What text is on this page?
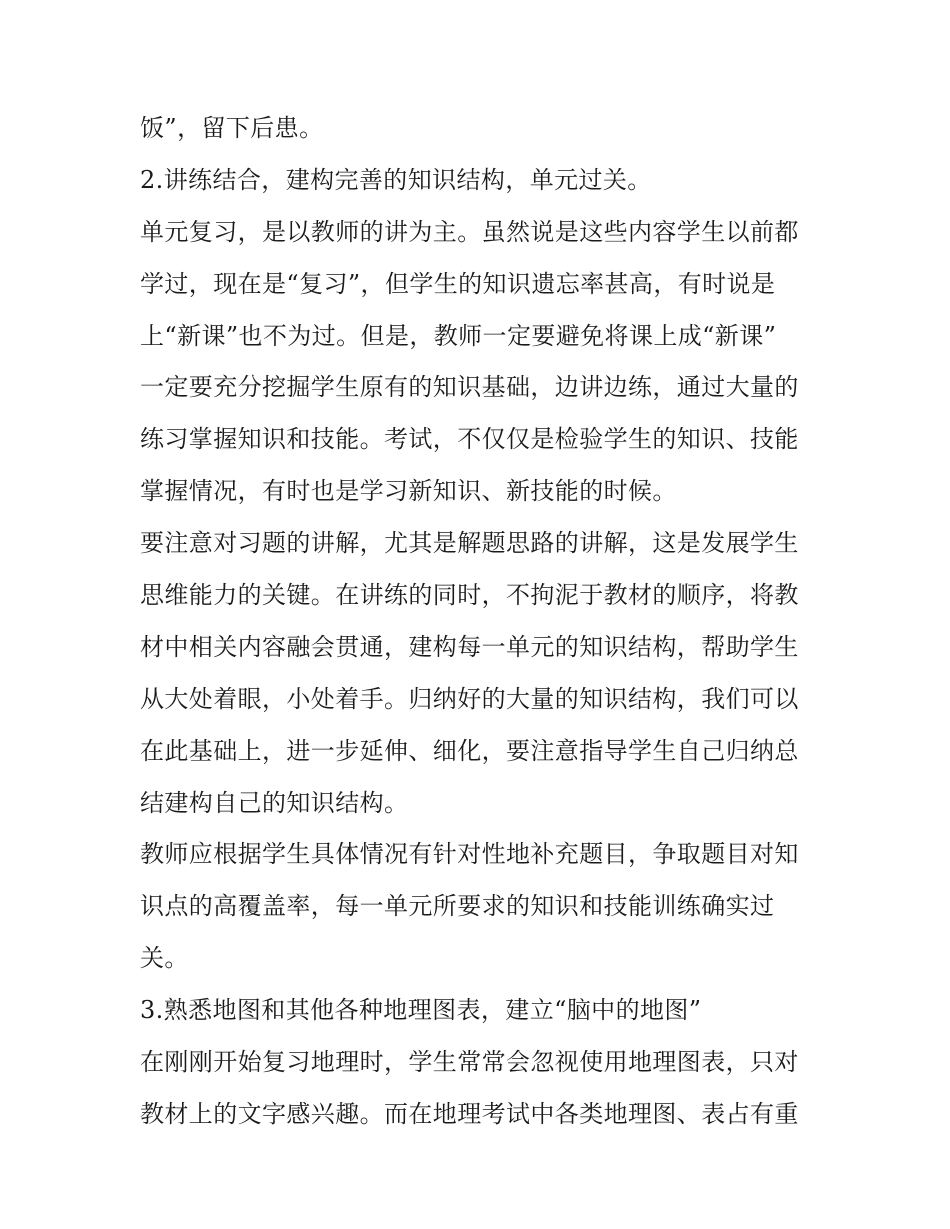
饭”，留下后患。
2.讲练结合，建构完善的知识结构，单元过关。
单元复习，是以教师的讲为主。虽然说是这些内容学生以前都
学过，现在是“复习”，但学生的知识遗忘率甚高，有时说是
上“新课”也不为过。但是，教师一定要避免将课上成“新课”
一定要充分挖掘学生原有的知识基础，边讲边练，通过大量的
练习掌握知识和技能。考试，不仅仅是检验学生的知识、技能
掌握情况，有时也是学习新知识、新技能的时候。
要注意对习题的讲解，尤其是解题思路的讲解，这是发展学生
思维能力的关键。在讲练的同时，不拘泥于教材的顺序，将教
材中相关内容融会贯通，建构每一单元的知识结构，帮助学生
从大处着眼，小处着手。归纳好的大量的知识结构，我们可以
在此基础上，进一步延伸、细化，要注意指导学生自己归纳总
结建构自己的知识结构。
教师应根据学生具体情况有针对性地补充题目，争取题目对知
识点的高覆盖率，每一单元所要求的知识和技能训练确实过
关。
3.熟悉地图和其他各种地理图表，建立“脑中的地图”
在刚刚开始复习地理时，学生常常会忽视使用地理图表，只对
教材上的文字感兴趣。而在地理考试中各类地理图、表占有重
